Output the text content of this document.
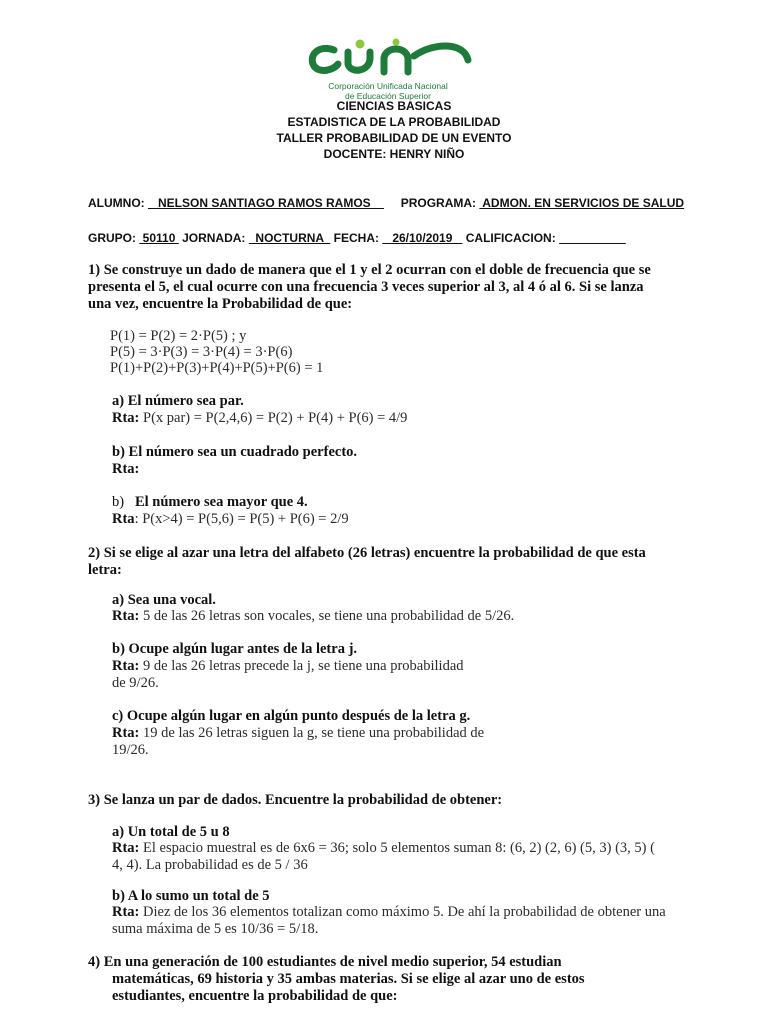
Corporación Unificada Nacional
de Educación Superior
CIENCIAS BASICAS
ESTADISTICA DE LA PROBABILIDAD
TALLER PROBABILIDAD DE UN EVENTO
DOCENTE: HENRY NIÑO
ALUMNO:    NELSON SANTIAGO RAMOS RAMOS      PROGRAMA:  ADMON. EN SERVICIOS DE SALUD
GRUPO:  50110  JORNADA:   NOCTURNA   FECHA:    26/10/2019    CALIFICACION:
1) Se construye un dado de manera que el 1 y el 2 ocurran con el doble de frecuencia que se
presenta el 5, el cual ocurre con una frecuencia 3 veces superior al 3, al 4 ó al 6. Si se lanza
una vez, encuentre la Probabilidad de que:
P(1) = P(2) = 2·P(5) ; y
P(5) = 3·P(3) = 3·P(4) = 3·P(6)
P(1)+P(2)+P(3)+P(4)+P(5)+P(6) = 1
a) El número sea par.
Rta: P(x par) = P(2,4,6) = P(2) + P(4) + P(6) = 4/9
b) El número sea un cuadrado perfecto.
Rta:
b)   El número sea mayor que 4.
Rta: P(x>4) = P(5,6) = P(5) + P(6) = 2/9
2) Si se elige al azar una letra del alfabeto (26 letras) encuentre la probabilidad de que esta
letra:
a) Sea una vocal.
Rta: 5 de las 26 letras son vocales, se tiene una probabilidad de 5/26.
b) Ocupe algún lugar antes de la letra j.
Rta: 9 de las 26 letras precede la j, se tiene una probabilidad
de 9/26.
c) Ocupe algún lugar en algún punto después de la letra g.
Rta: 19 de las 26 letras siguen la g, se tiene una probabilidad de
19/26.
3) Se lanza un par de dados. Encuentre la probabilidad de obtener:
a) Un total de 5 u 8
Rta: El espacio muestral es de 6x6 = 36; solo 5 elementos suman 8: (6, 2) (2, 6) (5, 3) (3, 5) (
4, 4). La probabilidad es de 5 / 36
b) A lo sumo un total de 5
Rta: Diez de los 36 elementos totalizan como máximo 5. De ahí la probabilidad de obtener una
suma máxima de 5 es 10/36 = 5/18.
4) En una generación de 100 estudiantes de nivel medio superior, 54 estudian
matemáticas, 69 historia y 35 ambas materias. Si se elige al azar uno de estos
estudiantes, encuentre la probabilidad de que:
